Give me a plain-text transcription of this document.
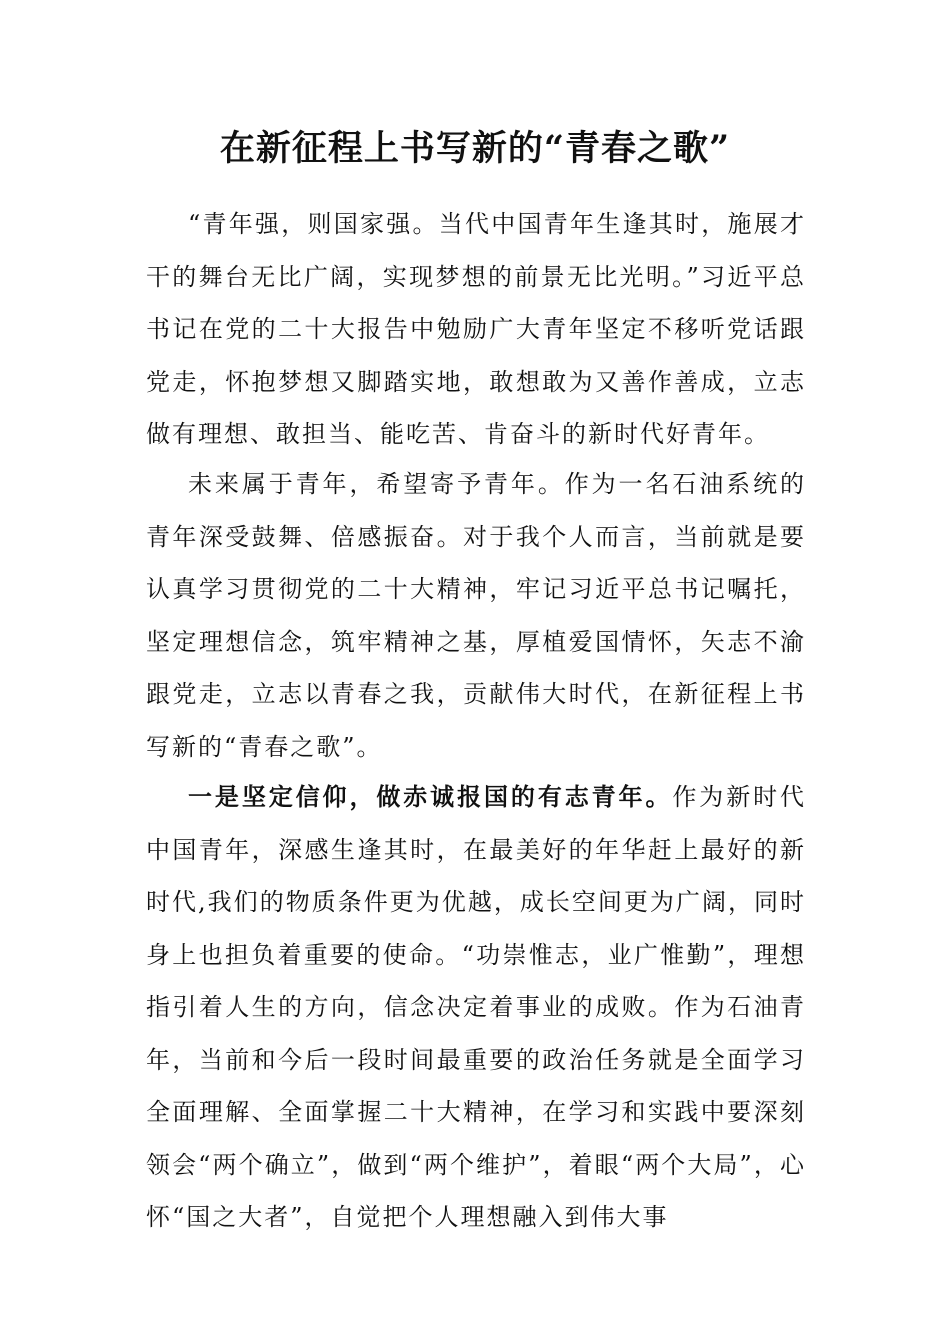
在新征程上书写新的“青春之歌”

“青年强，则国家强。当代中国青年生逢其时，施展才干的舞台无比广阔，实现梦想的前景无比光明。”习近平总书记在党的二十大报告中勉励广大青年坚定不移听党话跟党走，怀抱梦想又脚踏实地，敢想敢为又善作善成，立志做有理想、敢担当、能吃苦、肯奋斗的新时代好青年。

未来属于青年，希望寄予青年。作为一名石油系统的青年深受鼓舞、倍感振奋。对于我个人而言，当前就是要认真学习贯彻党的二十大精神，牢记习近平总书记嘱托，坚定理想信念，筑牢精神之基，厚植爱国情怀，矢志不渝跟党走，立志以青春之我，贡献伟大时代，在新征程上书写新的“青春之歌”。

一是坚定信仰，做赤诚报国的有志青年。作为新时代中国青年，深感生逢其时，在最美好的年华赶上最好的新时代,我们的物质条件更为优越，成长空间更为广阔，同时身上也担负着重要的使命。“功崇惟志，业广惟勤”，理想指引着人生的方向，信念决定着事业的成败。作为石油青年，当前和今后一段时间最重要的政治任务就是全面学习全面理解、全面掌握二十大精神，在学习和实践中要深刻领会“两个确立”，做到“两个维护”，着眼“两个大局”，心怀“国之大者”，自觉把个人理想融入到伟大事
